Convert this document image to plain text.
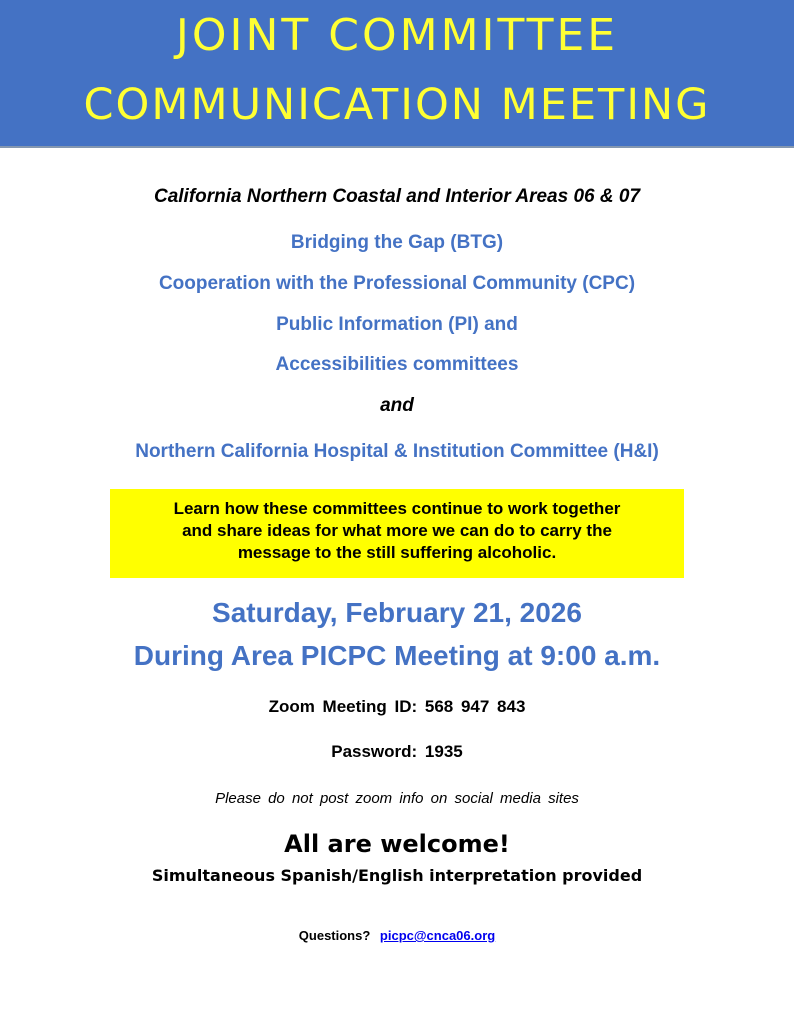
JOINT COMMITTEE
COMMUNICATION MEETING
California Northern Coastal and Interior Areas 06 & 07
Bridging the Gap (BTG)
Cooperation with the Professional Community (CPC)
Public Information (PI) and
Accessibilities committees
and
Northern California Hospital & Institution Committee (H&I)
Learn how these committees continue to work together
and share ideas for what more we can do to carry the
message to the still suffering alcoholic.
Saturday, February 21, 2026
During Area PICPC Meeting at 9:00 a.m.
Zoom Meeting ID: 568 947 843
Password: 1935
Please do not post zoom info on social media sites
All are welcome!
Simultaneous Spanish/English interpretation provided
Questions? picpc@cnca06.org
